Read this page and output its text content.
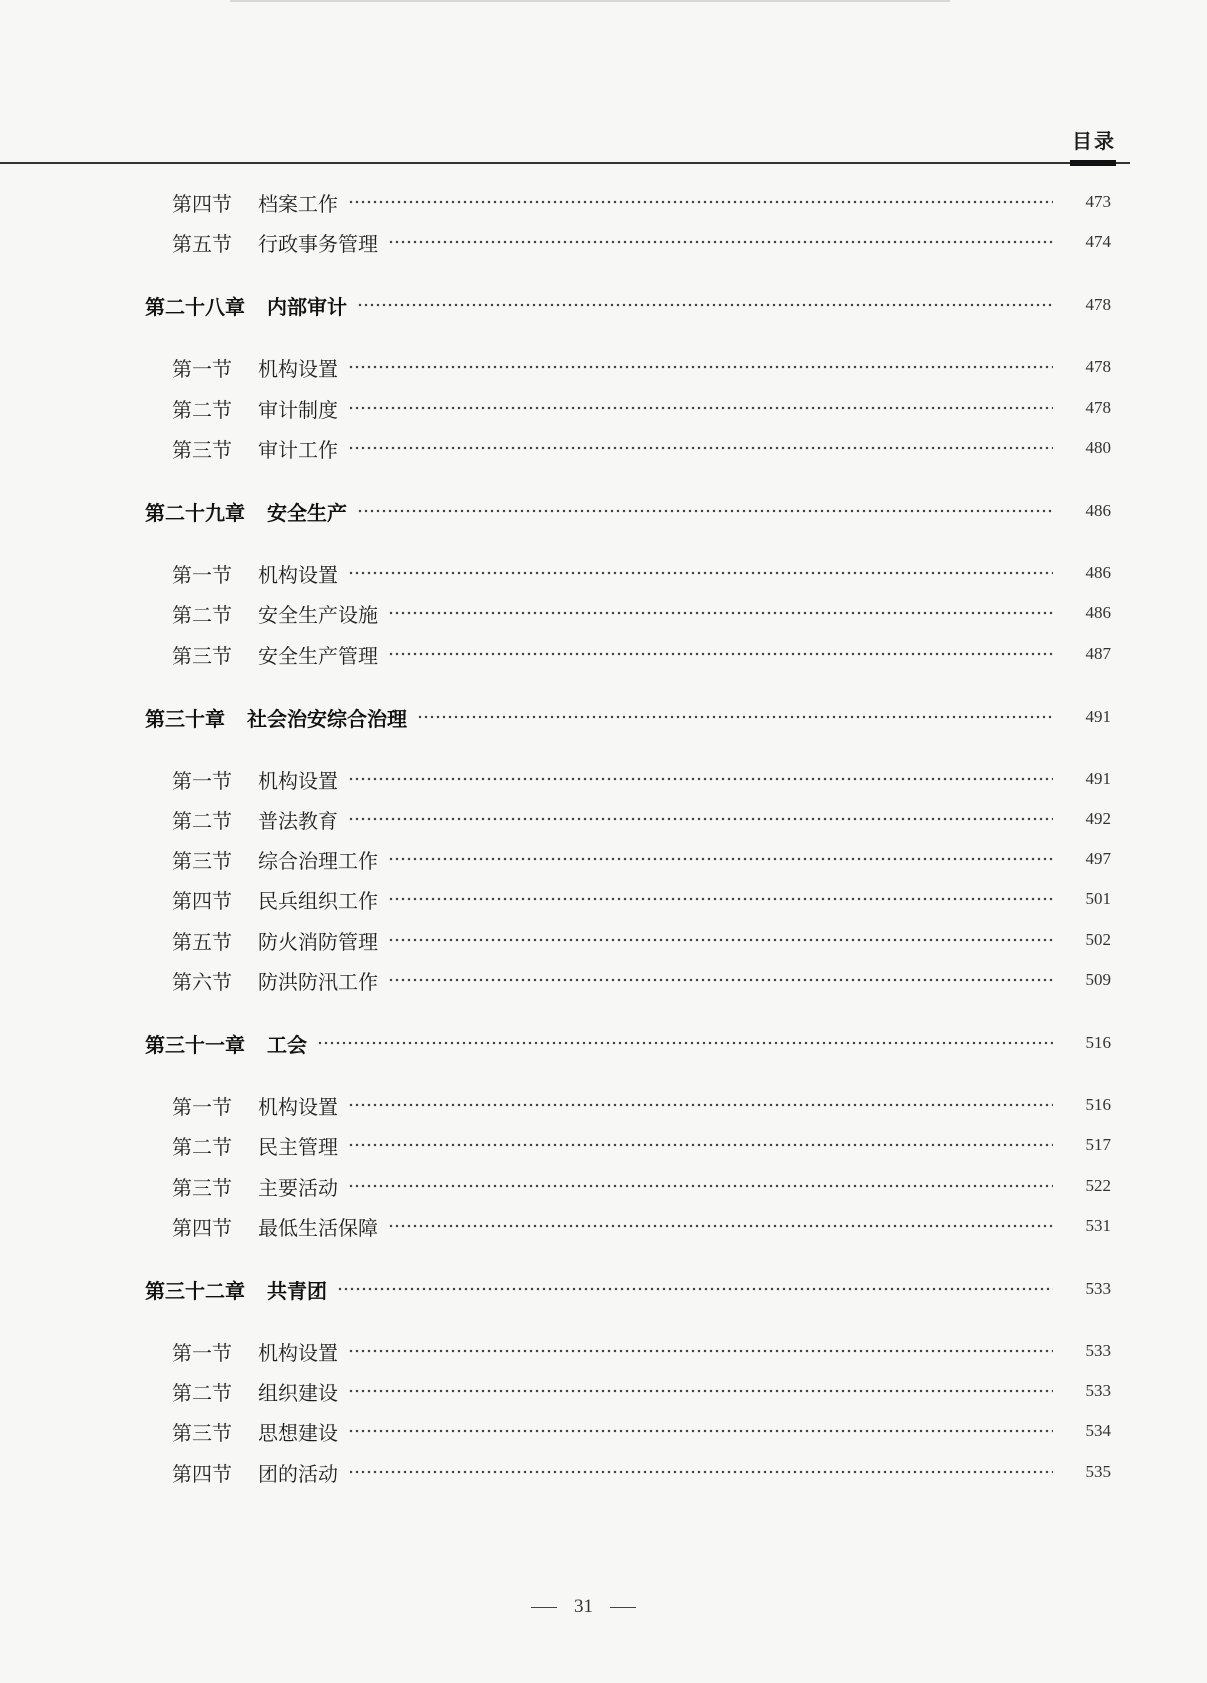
目录
第四节 档案工作	473
第五节 行政事务管理	474
第二十八章 内部审计	478
第一节 机构设置	478
第二节 审计制度	478
第三节 审计工作	480
第二十九章 安全生产	486
第一节 机构设置	486
第二节 安全生产设施	486
第三节 安全生产管理	487
第三十章 社会治安综合治理	491
第一节 机构设置	491
第二节 普法教育	492
第三节 综合治理工作	497
第四节 民兵组织工作	501
第五节 防火消防管理	502
第六节 防洪防汛工作	509
第三十一章 工会	516
第一节 机构设置	516
第二节 民主管理	517
第三节 主要活动	522
第四节 最低生活保障	531
第三十二章 共青团	533
第一节 机构设置	533
第二节 组织建设	533
第三节 思想建设	534
第四节 团的活动	535
31
